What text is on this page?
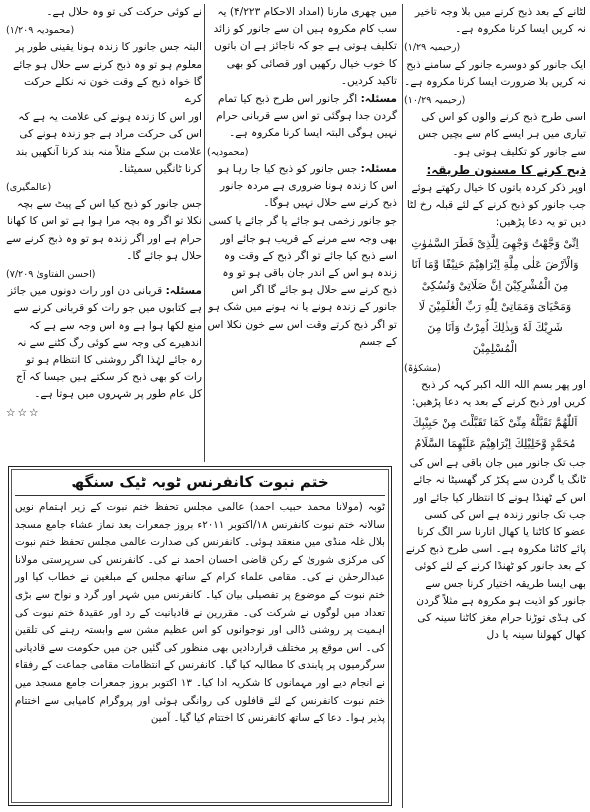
لٹانے کے بعد ذبح کرنے میں بلا وجہ تاخیر نہ کریں ایسا کرنا مکروہ ہے۔

(رحیمیہ ۱/۲۹)

ایک جانور کو دوسرے جانور کے سامنے ذبح نہ کریں بلا ضرورت ایسا کرنا مکروہ ہے۔

(رحیمیہ ۱۰/۲۹)

اسی طرح ذبح کرنے والوں کو اس کی تیاری میں ہر ایسے کام سے بچیں جس سے جانور کو تکلیف ہوتی ہو۔

ذبح کرنے کا مسنون طریقہ:

اوپر ذکر کردہ باتوں کا خیال رکھتے ہوئے جب جانور کو ذبح کرنے کے لئے قبلہ رخ لٹا دیں تو یہ دعا پڑھیں:

اِنِّیْ وَجَّهْتُ وَجْهِیَ لِلَّذِیْ فَطَرَ السَّمٰوٰتِ وَالْاَرْضَ عَلٰی مِلَّةِ اِبْرَاهِیْمَ حَنِیْفًا وَّمَا اَنَا مِنَ الْمُشْرِكِیْنَ اِنَّ صَلَاتِیْ وَنُسُكِیْ وَمَحْیَایَ وَمَمَاتِیْ لِلّٰهِ رَبِّ الْعٰلَمِیْنَ لَا شَرِیْكَ لَهٗ وَبِذٰلِكَ اُمِرْتُ وَاَنَا مِنَ الْمُسْلِمِیْنَ

(مشکوٰۃ)

اور پھر بسم اللہ اللہ اکبر کہہ کر ذبح کریں اور ذبح کرنے کے بعد یہ دعا پڑھیں:

اَللّٰهُمَّ تَقَبَّلْهُ مِنِّیْ كَمَا تَقَبَّلْتَ مِنْ حَبِیْبِكَ مُحَمَّدٍ وَّخَلِیْلِكَ اِبْرَاهِیْمَ عَلَیْهِمَا السَّلَامُ

جب تک جانور میں جان باقی ہے اس کی ٹانگ یا گردن سے پکڑ کر گھسیٹا نہ جائے اس کے ٹھنڈا ہونے کا انتظار کیا جائے اور جب تک جانور زندہ ہے اس کی کسی عضو کا کاٹنا یا کھال اتارنا سر الگ کرنا پائے کاٹنا مکروہ ہے۔ اسی طرح ذبح کرنے کے بعد جانور کو ٹھنڈا کرنے کے لئے کوئی بھی ایسا طریقہ اختیار کرنا جس سے جانور کو اذیت ہو مکروہ ہے مثلاً گردن کی ہڈی توڑنا حرام مغز کاٹنا سینہ کی کھال کھولنا سینہ یا دل

میں چھری مارنا (امداد الاحکام ۴/۲۲۳) یہ سب کام مکروہ ہیں ان سے جانور کو زائد تکلیف ہوتی ہے جو کہ ناجائز ہے ان باتوں کا خوب خیال رکھیں اور قصائی کو بھی تاکید کردیں۔

مسئلہ: اگر جانور اس طرح ذبح کیا تمام گردن جدا ہوگئی تو اس سے قربانی حرام نہیں ہوگی البتہ ایسا کرنا مکروہ ہے۔

(محمودیہ)

مسئلہ: جس جانور کو ذبح کیا جا رہا ہو اس کا زندہ ہونا ضروری ہے مردہ جانور ذبح کرنے سے حلال نہیں ہوگا۔

جو جانور زخمی ہو جائے یا گر جائے یا کسی بھی وجہ سے مرنے کے قریب ہو جائے اور اسے ذبح کیا جائے تو اگر ذبح کے وقت وہ زندہ ہو اس کے اندر جان باقی ہو تو وہ ذبح کرنے سے حلال ہو جائے گا اگر اس جانور کے زندہ ہونے یا نہ ہونے میں شک ہو تو اگر ذبح کرتے وقت اس سے خون نکلا اس کے جسم

نے کوئی حرکت کی تو وہ حلال ہے۔

(محمودیہ ۱/۲۰۹)

البتہ جس جانور کا زندہ ہونا یقینی طور پر معلوم ہو تو وہ ذبح کرنے سے حلال ہو جائے گا خواہ ذبح کے وقت خون نہ نکلے حرکت کرے

اور اس کا زندہ ہونے کی علامت یہ ہے کہ اس کی حرکت مراد ہے جو زندہ ہونے کی علامت بن سکے مثلاً منہ بند کرنا آنکھیں بند کرنا ٹانگیں سمیٹنا۔

(عالمگیری)

جس جانور کو ذبح کیا اس کے پیٹ سے بچہ نکلا تو اگر وہ بچہ مرا ہوا ہے تو اس کا کھانا حرام ہے اور اگر زندہ ہو تو وہ ذبح کرنے سے حلال ہو جائے گا۔

(احسن الفتاویٰ ۷/۲۰۹)

مسئلہ: قربانی دن اور رات دونوں میں جائز ہے کتابوں میں جو رات کو قربانی کرنے سے منع لکھا ہوا ہے وہ اس وجہ سے ہے کہ اندھیرے کی وجہ سے کوئی رگ کٹنے سے نہ رہ جائے لہٰذا اگر روشنی کا انتظام ہو تو رات کو بھی ذبح کر سکتے ہیں جیسا کہ آج کل عام طور پر شہروں میں ہوتا ہے۔

☆☆☆

ختم نبوت کانفرنس ٹوبہ ٹیک سنگھ
ٹوبہ (مولانا محمد حبیب احمد) عالمی مجلس تحفظ ختم نبوت کے زیر اہتمام نویں سالانہ ختم نبوت کانفرنس ۱۸/اکتوبر ۲۰۱۱ء بروز جمعرات بعد نماز عشاء جامع مسجد بلال غلہ منڈی میں منعقد ہوئی۔ کانفرنس کی صدارت عالمی مجلس تحفظ ختم نبوت کی مرکزی شوریٰ کے رکن قاضی احسان احمد نے کی۔ کانفرنس کی سرپرستی مولانا عبدالرحمٰن نے کی۔ مقامی علماء کرام کے ساتھ مجلس کے مبلغین نے خطاب کیا اور ختم نبوت کے موضوع پر تفصیلی بیان کیا۔ کانفرنس میں شہر اور گرد و نواح سے بڑی تعداد میں لوگوں نے شرکت کی۔ مقررین نے قادیانیت کے رد اور عقیدۂ ختم نبوت کی اہمیت پر روشنی ڈالی اور نوجوانوں کو اس عظیم مشن سے وابستہ رہنے کی تلقین کی۔ اس موقع پر مختلف قراردادیں بھی منظور کی گئیں جن میں حکومت سے قادیانی سرگرمیوں پر پابندی کا مطالبہ کیا گیا۔ کانفرنس کے انتظامات مقامی جماعت کے رفقاء نے انجام دیے اور مہمانوں کا شکریہ ادا کیا۔ ۱۳ اکتوبر بروز جمعرات جامع مسجد میں ختم نبوت کانفرنس کے لئے قافلوں کی روانگی ہوئی اور پروگرام کامیابی سے اختتام پذیر ہوا۔ دعا کے ساتھ کانفرنس کا اختتام کیا گیا۔ آمین
